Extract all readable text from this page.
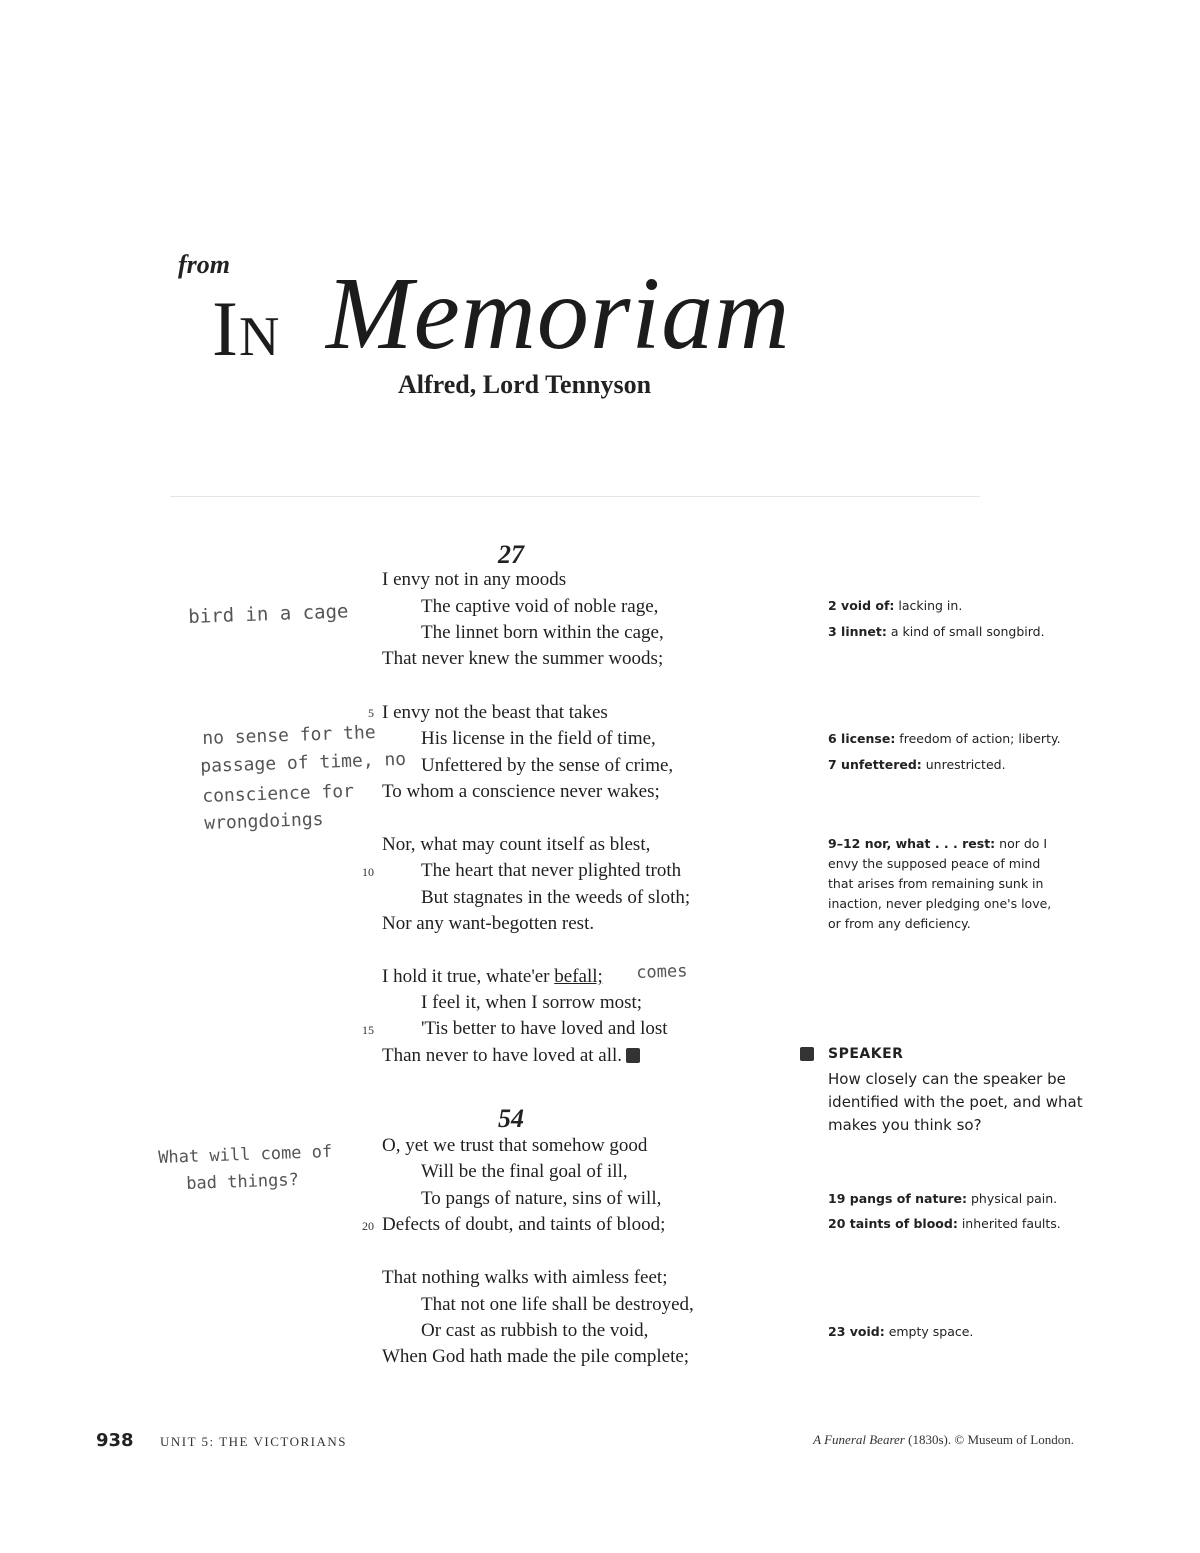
from
IN Memoriam
Alfred, Lord Tennyson
27
I envy not in any moods
The captive void of noble rage,
The linnet born within the cage,
That never knew the summer woods;
5 I envy not the beast that takes
His license in the field of time,
Unfettered by the sense of crime,
To whom a conscience never wakes;
Nor, what may count itself as blest,
10 The heart that never plighted troth
But stagnates in the weeds of sloth;
Nor any want-begotten rest.
I hold it true, whate'er befall;
I feel it, when I sorrow most;
15 'Tis better to have loved and lost
Than never to have loved at all.
54
O, yet we trust that somehow good
Will be the final goal of ill,
To pangs of nature, sins of will,
20 Defects of doubt, and taints of blood;
That nothing walks with aimless feet;
That not one life shall be destroyed,
Or cast as rubbish to the void,
When God hath made the pile complete;
2 void of: lacking in.
3 linnet: a kind of small songbird.
6 license: freedom of action; liberty.
7 unfettered: unrestricted.
9–12 nor, what . . . rest: nor do I envy the supposed peace of mind that arises from remaining sunk in inaction, never pledging one's love, or from any deficiency.
19 pangs of nature: physical pain.
20 taints of blood: inherited faults.
23 void: empty space.
SPEAKER
How closely can the speaker be identified with the poet, and what makes you think so?
bird in a cage
no sense for the
passage of time, no
conscience for
wrongdoings
comes
What will come of
bad things?
938 UNIT 5: THE VICTORIANS	A Funeral Bearer (1830s). © Museum of London.
